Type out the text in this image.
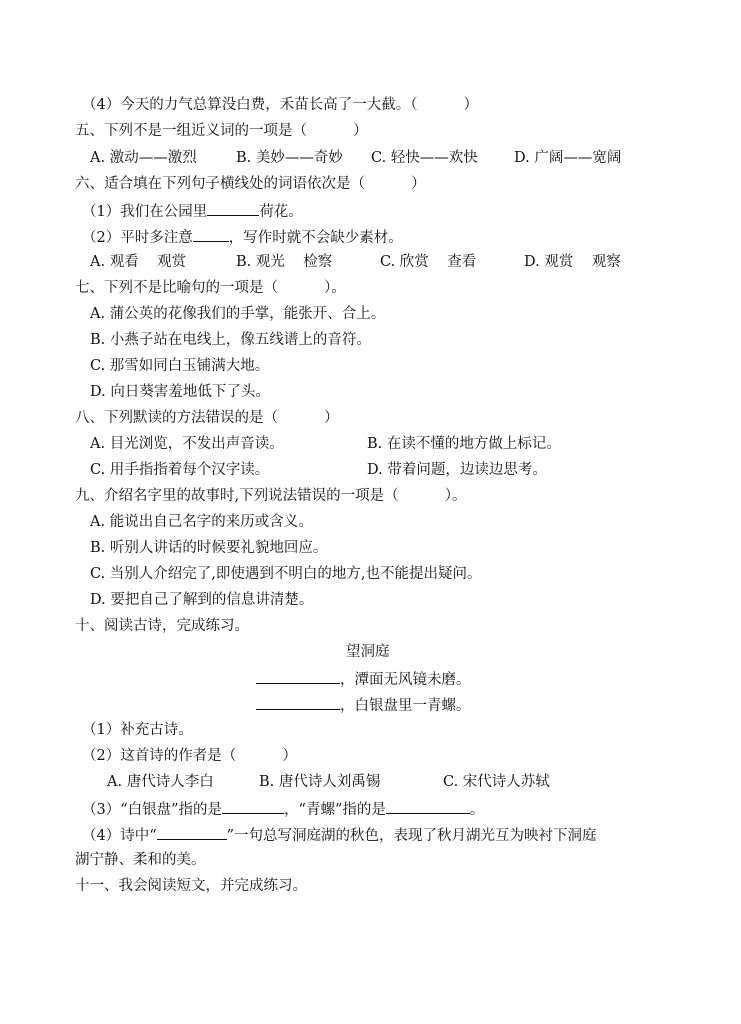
（4）今天的力气总算没白费，禾苗长高了一大截。（          ）
五、下列不是一组近义词的一项是（          ）
A. 激动——激烈	B. 美妙——奇妙 C. 轻快——欢快 D. 广阔——宽阔
六、适合填在下列句子横线处的词语依次是（          ）
（1）我们在公园里	荷花。
（2）平时多注意 ，写作时就不会缺少素材。
A. 观看    观赏	B. 观光    检察	C. 欣赏    查看	D. 观赏    观察
七、下列不是比喻句的一项是（          ）。
A. 蒲公英的花像我们的手掌，能张开、合上。
B. 小燕子站在电线上，像五线谱上的音符。
C. 那雪如同白玉铺满大地。
D. 向日葵害羞地低下了头。
八、下列默读的方法错误的是（          ）
A. 目光浏览，不发出声音读。	B. 在读不懂的地方做上标记。
C. 用手指指着每个汉字读。	D. 带着问题，边读边思考。
九、介绍名字里的故事时,下列说法错误的一项是（          ）。
A. 能说出自己名字的来历或含义。
B. 听别人讲话的时候要礼貌地回应。
C. 当别人介绍完了,即使遇到不明白的地方,也不能提出疑问。
D. 要把自己了解到的信息讲清楚。
十、阅读古诗，完成练习。
望洞庭
，潭面无风镜未磨。
，白银盘里一青螺。
（1）补充古诗。
（2）这首诗的作者是（          ）
A. 唐代诗人李白	B. 唐代诗人刘禹锡	C. 宋代诗人苏轼
（3）“白银盘”指的是	，“青螺”指的是	。
（4）诗中“	”一句总写洞庭湖的秋色，表现了秋月湖光互为映衬下洞庭
湖宁静、柔和的美。
十一、我会阅读短文，并完成练习。
